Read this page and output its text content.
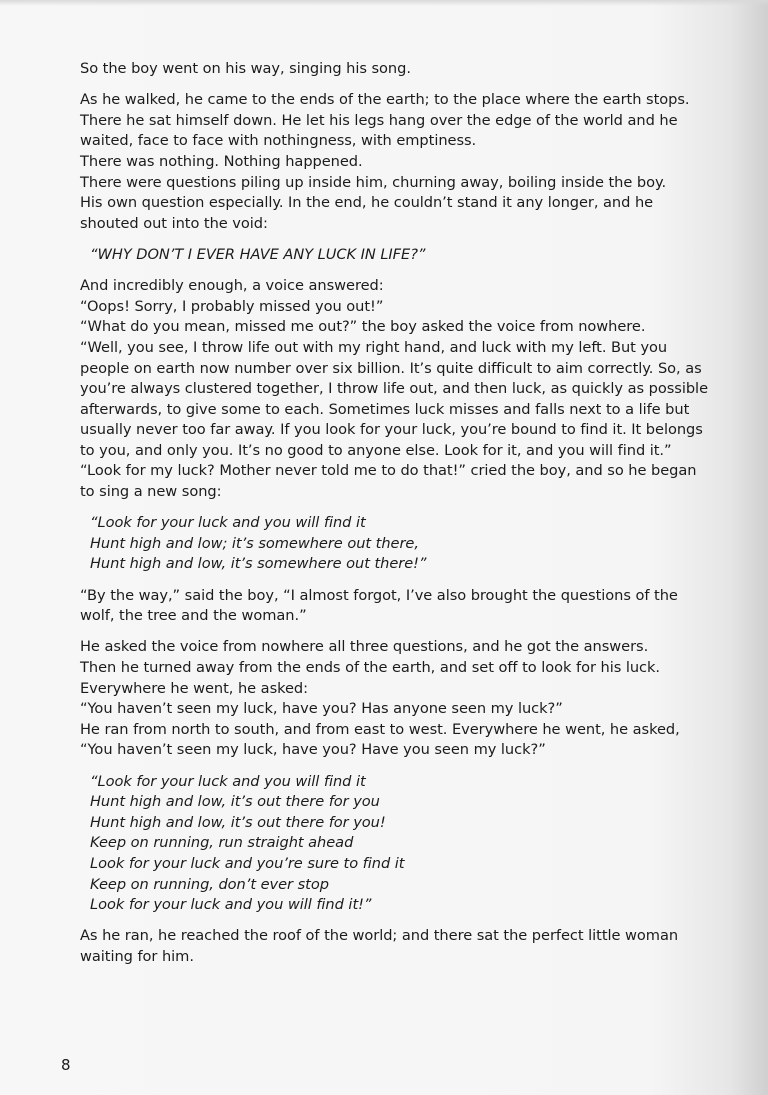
So the boy went on his way, singing his song.
As he walked, he came to the ends of the earth; to the place where the earth stops.
There he sat himself down. He let his legs hang over the edge of the world and he
waited, face to face with nothingness, with emptiness.
There was nothing. Nothing happened.
There were questions piling up inside him, churning away, boiling inside the boy.
His own question especially. In the end, he couldn’t stand it any longer, and he
shouted out into the void:
“WHY DON’T I EVER HAVE ANY LUCK IN LIFE?”
And incredibly enough, a voice answered:
“Oops! Sorry, I probably missed you out!”
“What do you mean, missed me out?” the boy asked the voice from nowhere.
“Well, you see, I throw life out with my right hand, and luck with my left. But you
people on earth now number over six billion. It’s quite difficult to aim correctly. So, as
you’re always clustered together, I throw life out, and then luck, as quickly as possible
afterwards, to give some to each. Sometimes luck misses and falls next to a life but
usually never too far away. If you look for your luck, you’re bound to find it. It belongs
to you, and only you. It’s no good to anyone else. Look for it, and you will find it.”
“Look for my luck? Mother never told me to do that!” cried the boy, and so he began
to sing a new song:
“Look for your luck and you will find it
Hunt high and low; it’s somewhere out there,
Hunt high and low, it’s somewhere out there!”
“By the way,” said the boy, “I almost forgot, I’ve also brought the questions of the
wolf, the tree and the woman.”
He asked the voice from nowhere all three questions, and he got the answers.
Then he turned away from the ends of the earth, and set off to look for his luck.
Everywhere he went, he asked:
“You haven’t seen my luck, have you? Has anyone seen my luck?”
He ran from north to south, and from east to west. Everywhere he went, he asked,
“You haven’t seen my luck, have you? Have you seen my luck?”
“Look for your luck and you will find it
Hunt high and low, it’s out there for you
Hunt high and low, it’s out there for you!
Keep on running, run straight ahead
Look for your luck and you’re sure to find it
Keep on running, don’t ever stop
Look for your luck and you will find it!”
As he ran, he reached the roof of the world; and there sat the perfect little woman
waiting for him.
8
